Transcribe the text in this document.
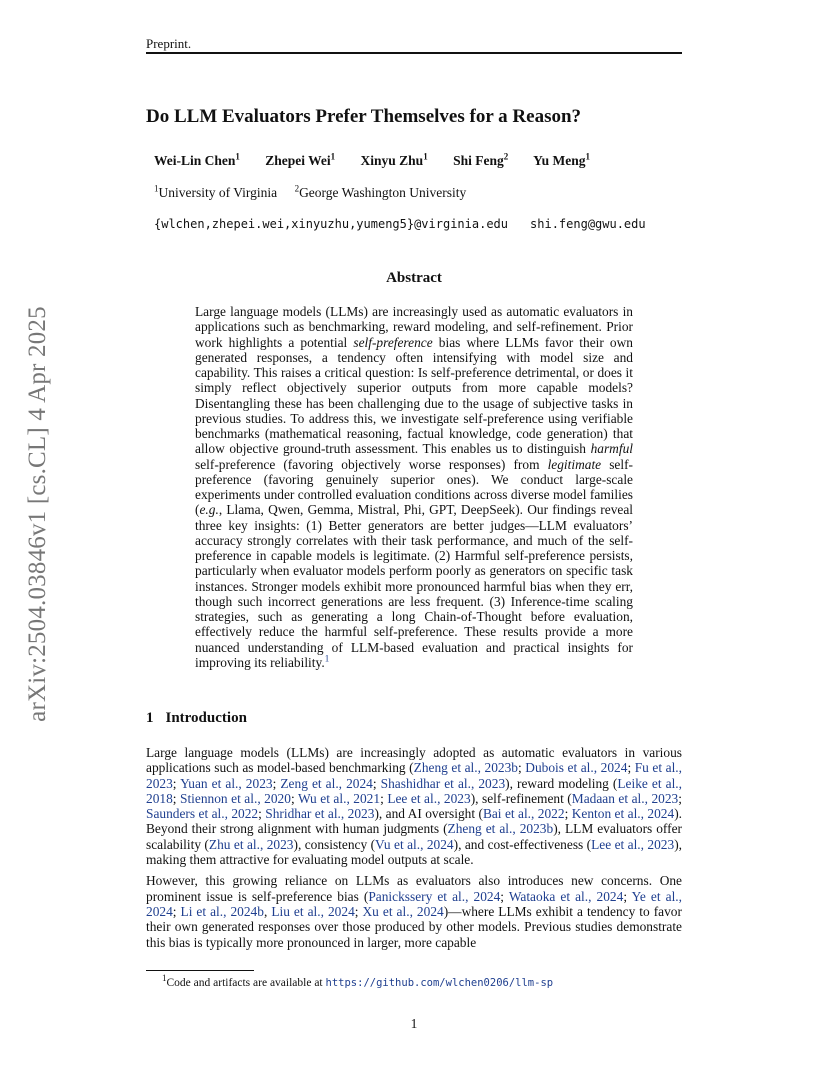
Preprint.
arXiv:2504.03846v1 [cs.CL] 4 Apr 2025
Do LLM Evaluators Prefer Themselves for a Reason?
Wei-Lin Chen$^1$ Zhepei Wei$^1$ Xinyu Zhu$^1$ Shi Feng$^2$ Yu Meng$^1$
$^1$University of Virginia $^2$George Washington University
{wlchen,zhepei.wei,xinyuzhu,yumeng5}@virginia.edu shi.feng@gwu.edu
Abstract
Large language models (LLMs) are increasingly used as automatic evaluators in applications such as benchmarking, reward modeling, and self-refinement. Prior work highlights a potential self-preference bias where LLMs favor their own generated responses, a tendency often intensifying with model size and capability. This raises a critical question: Is self-preference detrimental, or does it simply reflect objectively superior outputs from more capable models? Disentangling these has been challenging due to the usage of subjective tasks in previous studies. To address this, we investigate self-preference using verifiable benchmarks (mathematical reasoning, factual knowledge, code generation) that allow objective ground-truth assessment. This enables us to distinguish harmful self-preference (favoring objectively worse responses) from legitimate self-preference (favoring genuinely superior ones). We conduct large-scale experiments under controlled evaluation conditions across diverse model families (e.g., Llama, Qwen, Gemma, Mistral, Phi, GPT, DeepSeek). Our findings reveal three key insights: (1) Better generators are better judges—LLM evaluators’ accuracy strongly correlates with their task performance, and much of the self-preference in capable models is legitimate. (2) Harmful self-preference persists, particularly when evaluator models perform poorly as generators on specific task instances. Stronger models exhibit more pronounced harmful bias when they err, though such incorrect generations are less frequent. (3) Inference-time scaling strategies, such as generating a long Chain-of-Thought before evaluation, effectively reduce the harmful self-preference. These results provide a more nuanced understanding of LLM-based evaluation and practical insights for improving its reliability.$^1$
1 Introduction

Large language models (LLMs) are increasingly adopted as automatic evaluators in various applications such as model-based benchmarking (Zheng et al., 2023b; Dubois et al., 2024; Fu et al., 2023; Yuan et al., 2023; Zeng et al., 2024; Shashidhar et al., 2023), reward modeling (Leike et al., 2018; Stiennon et al., 2020; Wu et al., 2021; Lee et al., 2023), self-refinement (Madaan et al., 2023; Saunders et al., 2022; Shridhar et al., 2023), and AI oversight (Bai et al., 2022; Kenton et al., 2024). Beyond their strong alignment with human judgments (Zheng et al., 2023b), LLM evaluators offer scalability (Zhu et al., 2023), consistency (Vu et al., 2024), and cost-effectiveness (Lee et al., 2023), making them attractive for evaluating model outputs at scale.

However, this growing reliance on LLMs as evaluators also introduces new concerns. One prominent issue is self-preference bias (Panickssery et al., 2024; Wataoka et al., 2024; Ye et al., 2024; Li et al., 2024b, Liu et al., 2024; Xu et al., 2024)—where LLMs exhibit a tendency to favor their own generated responses over those produced by other models. Previous studies demonstrate this bias is typically more pronounced in larger, more capable

$^1$Code and artifacts are available at https://github.com/wlchen0206/llm-sp
1
